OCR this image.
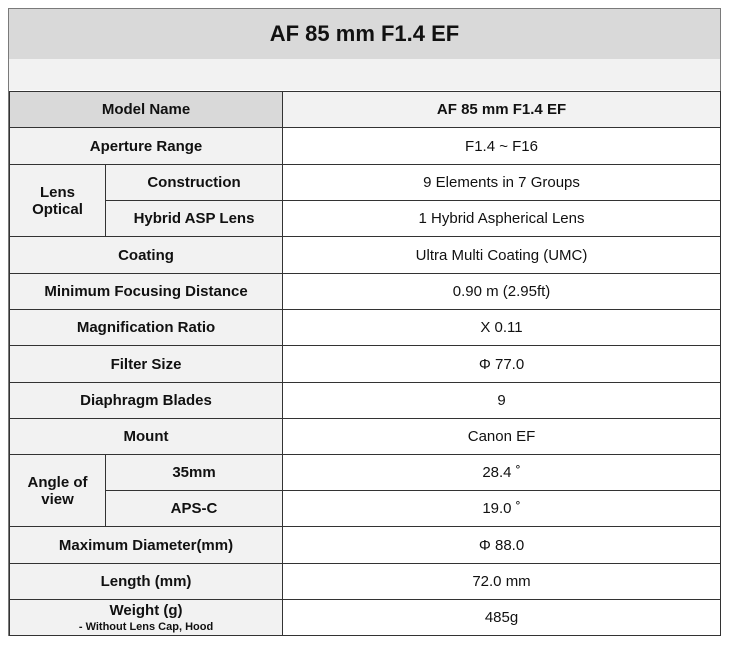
AF 85 mm F1.4 EF
Model Name		AF 85 mm F1.4 EF
Aperture Range		F1.4 ~ F16
Lens
Optical	Construction	9 Elements in 7 Groups
	Hybrid ASP Lens	1 Hybrid Aspherical Lens
Coating		Ultra Multi Coating (UMC)
Minimum Focusing Distance		0.90 m (2.95ft)
Magnification Ratio		X 0.11
Filter Size		Φ 77.0
Diaphragm Blades		9
Mount		Canon EF
Angle of
view	35mm	28.4 ˚
	APS-C	19.0 ˚
Maximum Diameter(mm)		Φ 88.0
Length (mm)		72.0 mm

Weight (g)
- Without Lens Cap, Hood		485g
